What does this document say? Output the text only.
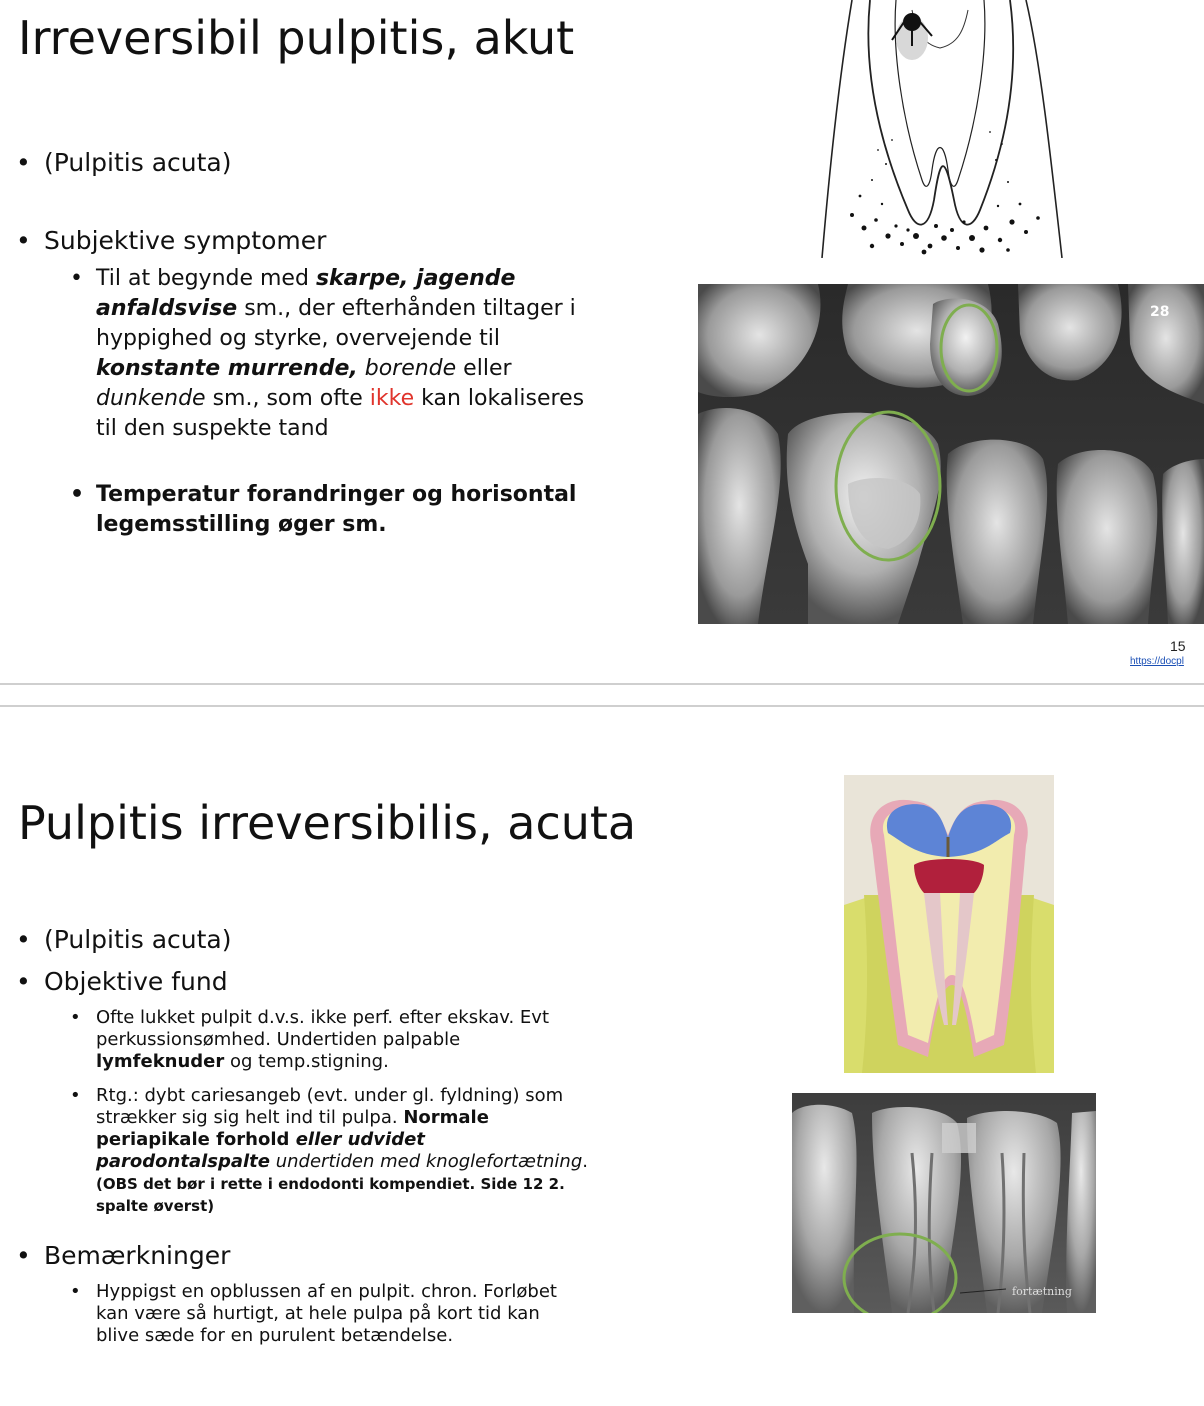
Irreversibil pulpitis, akut
• (Pulpitis acuta)
• Subjektive symptomer
• Til at begynde med skarpe, jagende anfaldsvise sm., der efterhånden tiltager i hyppighed og styrke, overvejende til konstante murrende, borende eller dunkende sm., som ofte ikke kan lokaliseres til den suspekte tand
• Temperatur forandringer og horisontal legemsstilling øger sm.
28
15
https://docpl
Pulpitis irreversibilis, acuta
• (Pulpitis acuta)
• Objektive fund
• Ofte lukket pulpit d.v.s. ikke perf. efter ekskav. Evt perkussionsømhed. Undertiden palpable lymfeknuder og temp.stigning.
• Rtg.: dybt cariesangeb (evt. under gl. fyldning) som strækker sig sig helt ind til pulpa. Normale periapikale forhold eller udvidet parodontalspalte undertiden med knoglefortætning. (OBS det bør i rette i endodonti kompendiet. Side 12 2. spalte øverst)
• Bemærkninger
• Hyppigst en opblussen af en pulpit. chron. Forløbet kan være så hurtigt, at hele pulpa på kort tid kan blive sæde for en purulent betændelse.
fortætning
